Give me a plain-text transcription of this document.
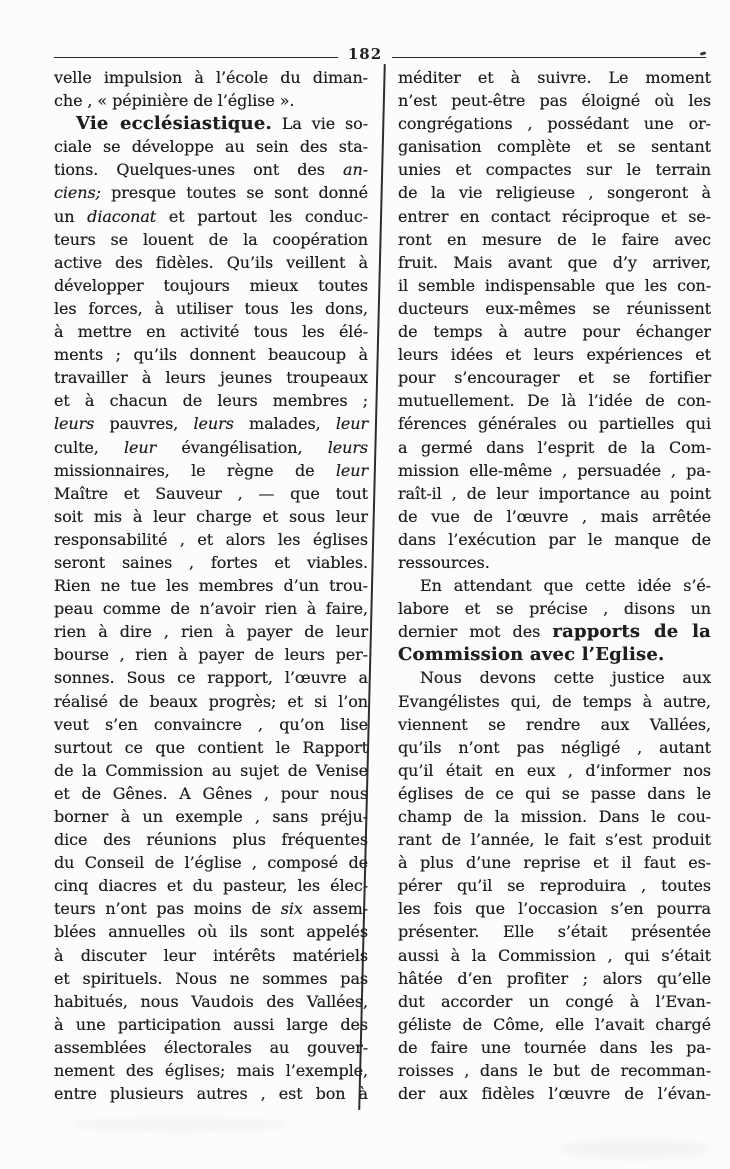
182
velle impulsion à l’école du diman-
che , « pépinière de l’église ».
Vie ecclésiastique. La vie so-
ciale se développe au sein des sta-
tions. Quelques-unes ont des an-
ciens; presque toutes se sont donné
un diaconat et partout les conduc-
teurs se louent de la coopération
active des fidèles. Qu’ils veillent à
développer toujours mieux toutes
les forces, à utiliser tous les dons,
à mettre en activité tous les élé-
ments ; qu’ils donnent beaucoup à
travailler à leurs jeunes troupeaux
et à chacun de leurs membres ;
leurs pauvres, leurs malades, leur
culte, leur évangélisation, leurs
missionnaires, le règne de leur
Maître et Sauveur , — que tout
soit mis à leur charge et sous leur
responsabilité , et alors les églises
seront saines , fortes et viables.
Rien ne tue les membres d’un trou-
peau comme de n’avoir rien à faire,
rien à dire , rien à payer de leur
bourse , rien à payer de leurs per-
sonnes. Sous ce rapport, l’œuvre a
réalisé de beaux progrès; et si l’on
veut s’en convaincre , qu’on lise
surtout ce que contient le Rapport
de la Commission au sujet de Venise
et de Gênes. A Gênes , pour nous
borner à un exemple , sans préju-
dice des réunions plus fréquentes
du Conseil de l’église , composé de
cinq diacres et du pasteur, les élec-
teurs n’ont pas moins de six assem-
blées annuelles où ils sont appelés
à discuter leur intérêts matériels
et spirituels. Nous ne sommes pas
habitués, nous Vaudois des Vallées,
à une participation aussi large des
assemblées électorales au gouver-
nement des églises; mais l’exemple,
entre plusieurs autres , est bon à
méditer et à suivre. Le moment
n’est peut-être pas éloigné où les
congrégations , possédant une or-
ganisation complète et se sentant
unies et compactes sur le terrain
de la vie religieuse , songeront à
entrer en contact réciproque et se-
ront en mesure de le faire avec
fruit. Mais avant que d’y arriver,
il semble indispensable que les con-
ducteurs eux-mêmes se réunissent
de temps à autre pour échanger
leurs idées et leurs expériences et
pour s’encourager et se fortifier
mutuellement. De là l’idée de con-
férences générales ou partielles qui
a germé dans l’esprit de la Com-
mission elle-même , persuadée , pa-
raît-il , de leur importance au point
de vue de l’œuvre , mais arrêtée
dans l’exécution par le manque de
ressources.
En attendant que cette idée s’é-
labore et se précise , disons un
dernier mot des rapports de la
Commission avec l’Eglise.
Nous devons cette justice aux
Evangélistes qui, de temps à autre,
viennent se rendre aux Vallées,
qu’ils n’ont pas négligé , autant
qu’il était en eux , d’informer nos
églises de ce qui se passe dans le
champ de la mission. Dans le cou-
rant de l’année, le fait s’est produit
à plus d’une reprise et il faut es-
pérer qu’il se reproduira , toutes
les fois que l’occasion s’en pourra
présenter. Elle s’était présentée
aussi à la Commission , qui s’était
hâtée d’en profiter ; alors qu’elle
dut accorder un congé à l’Evan-
géliste de Côme, elle l’avait chargé
de faire une tournée dans les pa-
roisses , dans le but de recomman-
der aux fidèles l’œuvre de l’évan-
